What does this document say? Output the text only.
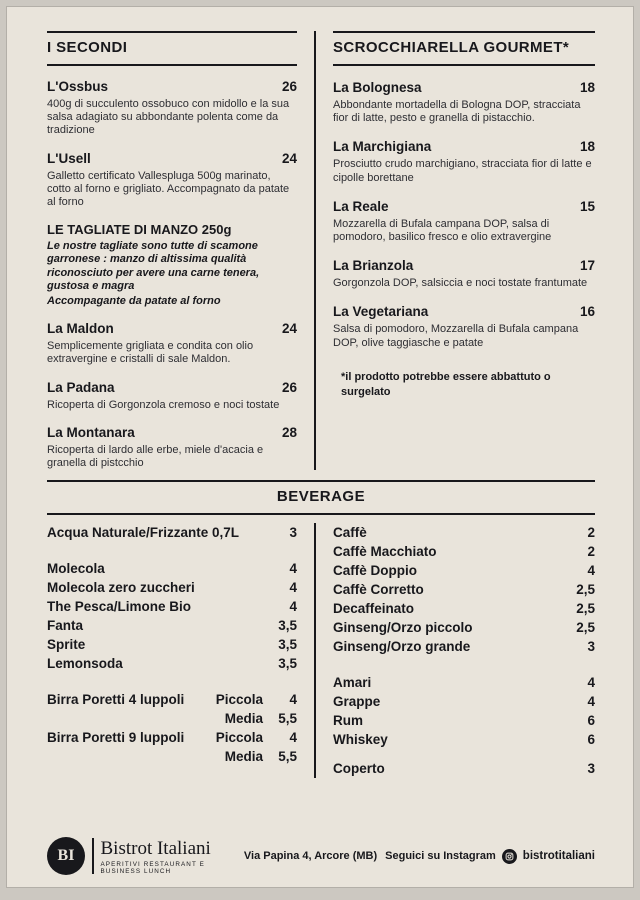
I SECONDI
L'Ossbus	26

400g di succulento ossobuco con midollo e la sua salsa adagiato su abbondante polenta come da tradizione

L'Usell	24

Galletto certificato Vallespluga 500g marinato, cotto al forno e grigliato. Accompagnato da patate al forno

LE TAGLIATE DI MANZO 250g

Le nostre tagliate sono tutte di scamone garronese : manzo di altissima qualità riconosciuto per avere una carne tenera, gustosa e magra

Accompagante da patate al forno

La Maldon	24

Semplicemente grigliata e condita con olio extravergine e cristalli di sale Maldon.

La Padana	26

Ricoperta di Gorgonzola cremoso e noci tostate

La Montanara	28

Ricoperta di lardo alle erbe, miele d'acacia e granella di pistcchio

SCROCCHIARELLA GOURMET*
La Bolognesa	18

Abbondante mortadella di Bologna DOP, stracciata fior di latte, pesto e granella di pistacchio.

La Marchigiana	18

Prosciutto crudo marchigiano, stracciata fior di latte e cipolle borettane

La Reale	15

Mozzarella di Bufala campana DOP, salsa di pomodoro, basilico fresco e olio extravergine

La Brianzola	17

Gorgonzola DOP, salsiccia e noci tostate frantumate

La Vegetariana	16

Salsa di pomodoro, Mozzarella di Bufala campana DOP, olive taggiasche e patate

*il prodotto potrebbe essere abbattuto o surgelato

BEVERAGE
Acqua Naturale/Frizzante 0,7L	3
Molecola	4
Molecola zero zuccheri	4
The Pesca/Limone Bio	4
Fanta	3,5
Sprite	3,5
Lemonsoda	3,5
Birra Poretti 4 luppoli	Piccola	4
Media	5,5
Birra Poretti 9 luppoli	Piccola	4
Media	5,5
Caffè	2
Caffè Macchiato	2
Caffè Doppio	4
Caffè Corretto	2,5
Decaffeinato	2,5
Ginseng/Orzo piccolo	2,5
Ginseng/Orzo grande	3
Amari	4
Grappe	4
Rum	6
Whiskey	6
Coperto	3
BI Bistrot Italiani
APERITIVI RESTAURANT E BUSINESS LUNCH
Via Papina 4, Arcore (MB) Seguici su Instagram bistrotitaliani
